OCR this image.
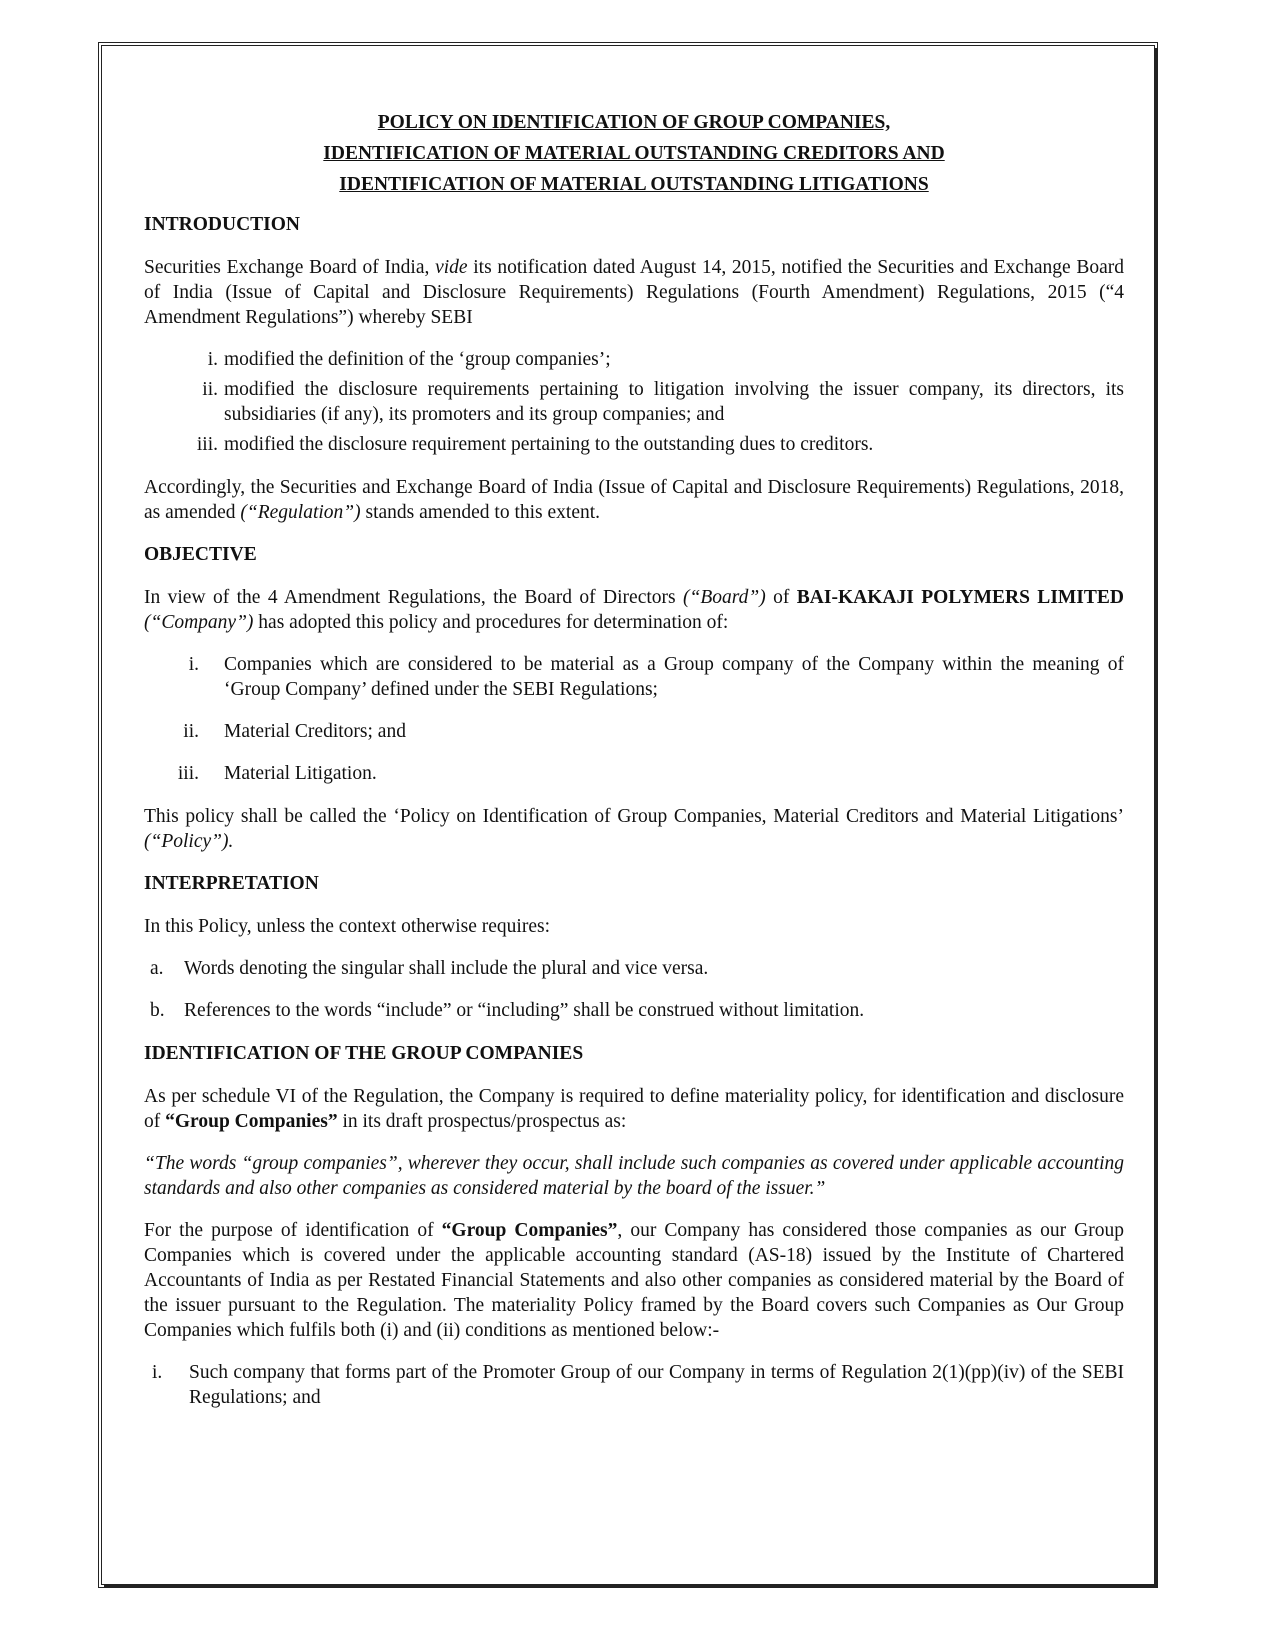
POLICY ON IDENTIFICATION OF GROUP COMPANIES,
IDENTIFICATION OF MATERIAL OUTSTANDING CREDITORS AND
IDENTIFICATION OF MATERIAL OUTSTANDING LITIGATIONS
INTRODUCTION

Securities Exchange Board of India, vide its notification dated August 14, 2015, notified the Securities and Exchange Board of India (Issue of Capital and Disclosure Requirements) Regulations (Fourth Amendment) Regulations, 2015 (“4 Amendment Regulations”) whereby SEBI

i. modified the definition of the ‘group companies’;
ii. modified the disclosure requirements pertaining to litigation involving the issuer company, its directors, its subsidiaries (if any), its promoters and its group companies; and
iii. modified the disclosure requirement pertaining to the outstanding dues to creditors.

Accordingly, the Securities and Exchange Board of India (Issue of Capital and Disclosure Requirements) Regulations, 2018, as amended (“Regulation”) stands amended to this extent.

OBJECTIVE

In view of the 4 Amendment Regulations, the Board of Directors (“Board”) of BAI-KAKAJI POLYMERS LIMITED (“Company”) has adopted this policy and procedures for determination of:

i. Companies which are considered to be material as a Group company of the Company within the meaning of ‘Group Company’ defined under the SEBI Regulations;
ii. Material Creditors; and
iii. Material Litigation.

This policy shall be called the ‘Policy on Identification of Group Companies, Material Creditors and Material Litigations’ (“Policy”).

INTERPRETATION

In this Policy, unless the context otherwise requires:

a. Words denoting the singular shall include the plural and vice versa.
b. References to the words “include” or “including” shall be construed without limitation.
IDENTIFICATION OF THE GROUP COMPANIES

As per schedule VI of the Regulation, the Company is required to define materiality policy, for identification and disclosure of “Group Companies” in its draft prospectus/prospectus as:

“The words “group companies”, wherever they occur, shall include such companies as covered under applicable accounting standards and also other companies as considered material by the board of the issuer.”

For the purpose of identification of “Group Companies”, our Company has considered those companies as our Group Companies which is covered under the applicable accounting standard (AS-18) issued by the Institute of Chartered Accountants of India as per Restated Financial Statements and also other companies as considered material by the Board of the issuer pursuant to the Regulation. The materiality Policy framed by the Board covers such Companies as Our Group Companies which fulfils both (i) and (ii) conditions as mentioned below:-

i. Such company that forms part of the Promoter Group of our Company in terms of Regulation 2(1)(pp)(iv) of the SEBI Regulations; and
